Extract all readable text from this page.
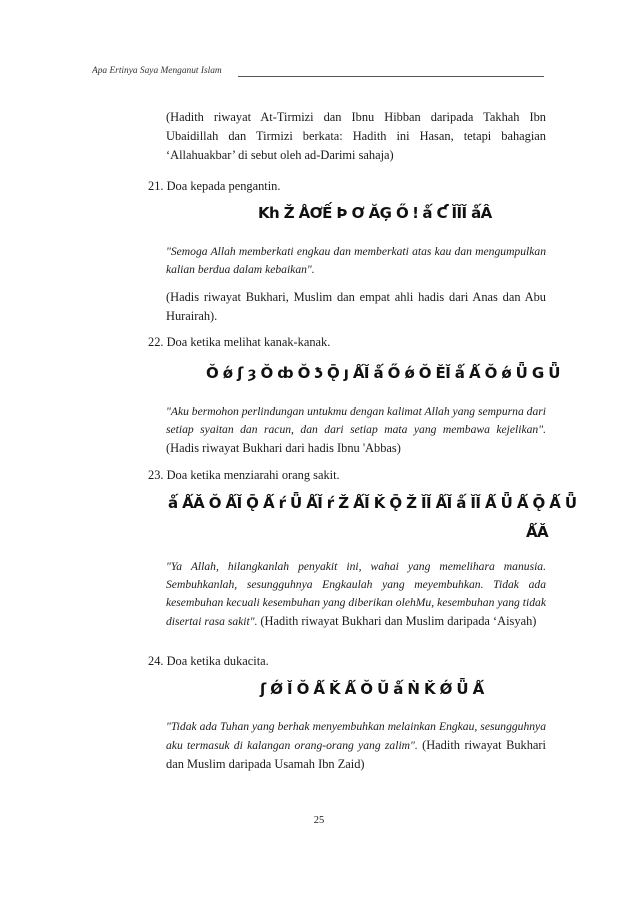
Apa Ertinya Saya Menganut Islam
(Hadith riwayat At-Tirmizi dan Ibnu Hibban daripada Takhah Ibn Ubaidillah dan Tirmizi berkata: Hadith ini Hasan, tetapi bahagian ‘Allahuakbar’ di sebut oleh ad-Darimi sahaja)
21. Doa kepada pengantin.
Kh Ž ÅƠẾ Þ Ơ ĂĢ Ő ǃ ǻ Ƈ ĬĬĬ ǻÂ
"Semoga Allah memberkati engkau dan memberkati atas kau dan mengumpulkan kalian berdua dalam kebaikan".
(Hadis riwayat Bukhari, Muslim dan empat ahli hadis dari Anas dan Abu Hurairah).
22. Doa ketika melihat kanak-kanak.
Ŏ ǿ ʃ ȝ Ŏ ȸ Ŏ ƾ Ǭ ȷ ǺĬ ǻ Ő ǿ Ŏ ĔĬ ǻ Ǻ Ŏ ǿ Ǖ Ǥ Ǖ
"Aku bermohon perlindungan untukmu dengan kalimat Allah yang sempurna dari setiap syaitan dan racun, dan dari setiap mata yang membawa kejelikan". (Hadis riwayat Bukhari dari hadis Ibnu 'Abbas)
23. Doa ketika menziarahi orang sakit.
ǻ ǺǍ Ŏ ǺĬ Ǭ Ǻ ŕ Ǖ ǺĬ ŕ Ž ǺĬ Ǩ Ǭ Ž ĬĬ ǺĬ ǻ ĬĬ Ǻ Ǖ Ǻ Ǭ Ǻ Ǖ
ǺǍ
"Ya Allah, hilangkanlah penyakit ini, wahai yang memelihara manusia. Sembuhkanlah, sesungguhnya Engkaulah yang meyembuhkan. Tidak ada kesembuhan kecuali kesembuhan yang diberikan olehMu, kesembuhan yang tidak disertai rasa sakit". (Hadith riwayat Bukhari dan Muslim daripada ‘Aisyah)
24. Doa ketika dukacita.
ʃ Ǿ Ĭ Ŏ Ǻ Ǩ Ǻ Ŏ Ŭ ǻ Ǹ Ǩ Ǿ Ǖ Ǻ
"Tidak ada Tuhan yang berhak menyembuhkan melainkan Engkau, sesungguhnya aku termasuk di kalangan orang-orang yang zalim". (Hadith riwayat Bukhari dan Muslim daripada Usamah Ibn Zaid)
25
